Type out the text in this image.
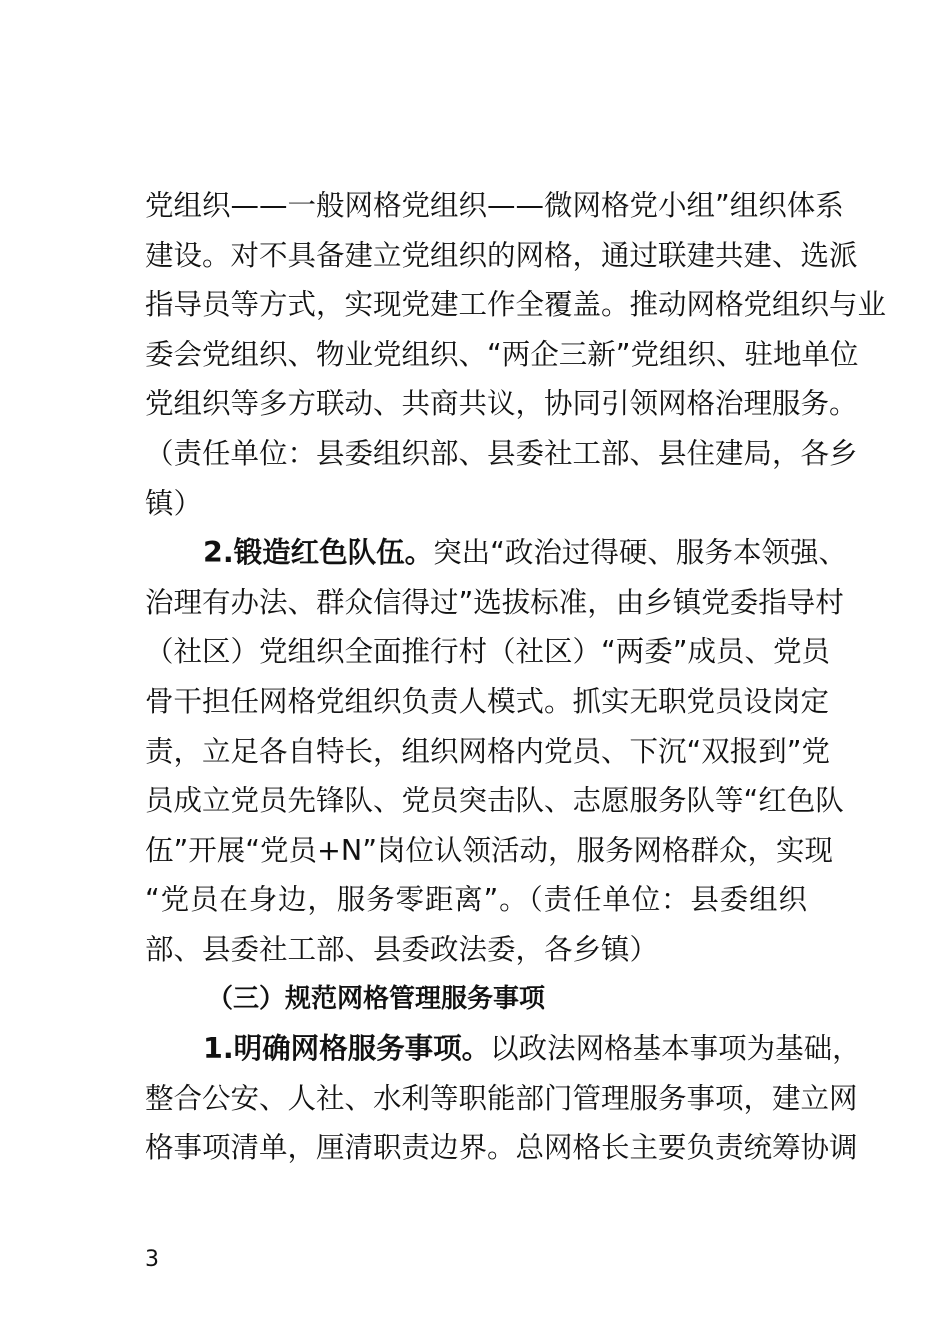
党组织——一般网格党组织——微网格党小组”组织体系
建设。对不具备建立党组织的网格，通过联建共建、选派
指导员等方式，实现党建工作全覆盖。推动网格党组织与业
委会党组织、物业党组织、“两企三新”党组织、驻地单位
党组织等多方联动、共商共议，协同引领网格治理服务。
（责任单位：县委组织部、县委社工部、县住建局，各乡
镇）
2.锻造红色队伍。突出“政治过得硬、服务本领强、
治理有办法、群众信得过”选拔标准，由乡镇党委指导村
（社区）党组织全面推行村（社区）“两委”成员、党员
骨干担任网格党组织负责人模式。抓实无职党员设岗定
责，立足各自特长，组织网格内党员、下沉“双报到”党
员成立党员先锋队、党员突击队、志愿服务队等“红色队
伍”开展“党员+N”岗位认领活动，服务网格群众，实现
“党员在身边，服务零距离”。（责任单位：县委组织
部、县委社工部、县委政法委，各乡镇）
（三）规范网格管理服务事项
1.明确网格服务事项。以政法网格基本事项为基础，
整合公安、人社、水利等职能部门管理服务事项，建立网
格事项清单，厘清职责边界。总网格长主要负责统筹协调
3
